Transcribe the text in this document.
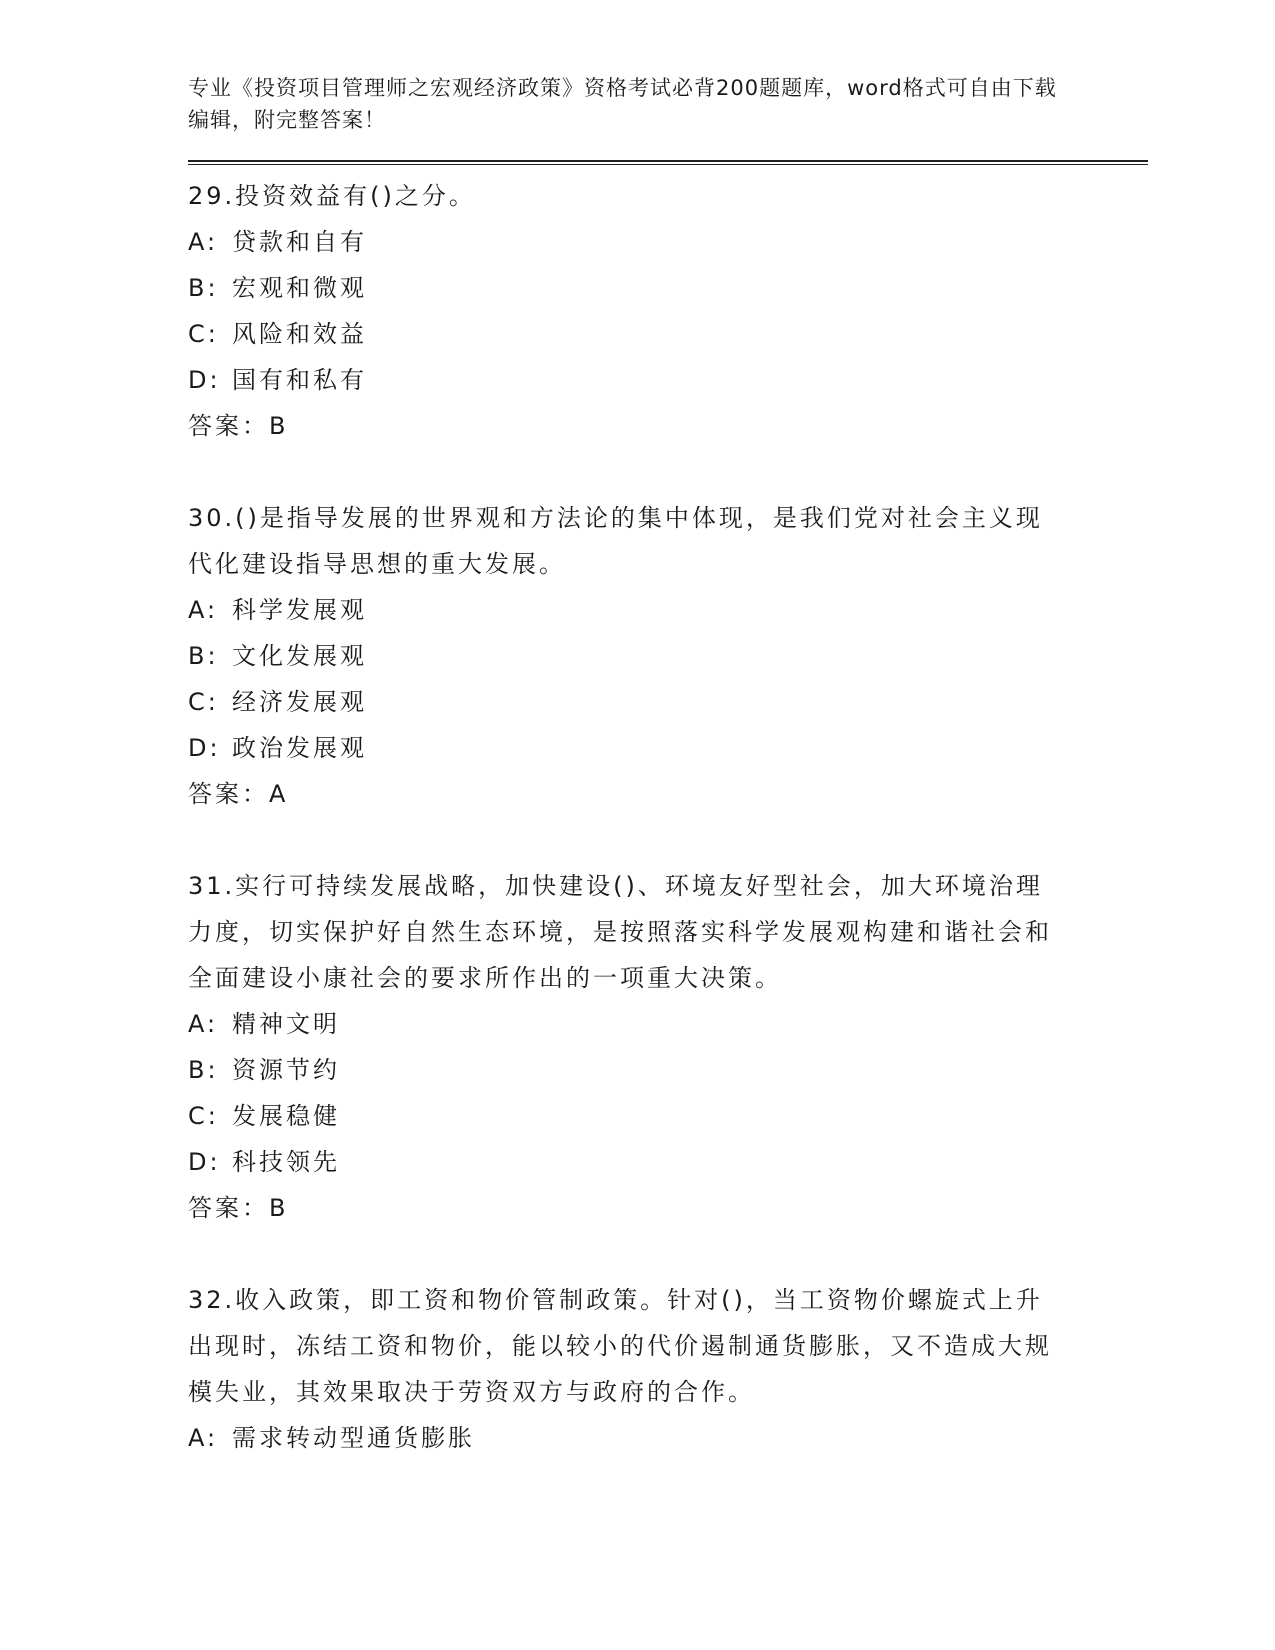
专业《投资项目管理师之宏观经济政策》资格考试必背200题题库，word格式可自由下载编辑，附完整答案！
29.投资效益有()之分。
A: 贷款和自有
B: 宏观和微观
C: 风险和效益
D: 国有和私有
答案：B
30.()是指导发展的世界观和方法论的集中体现，是我们党对社会主义现代化建设指导思想的重大发展。
A: 科学发展观
B: 文化发展观
C: 经济发展观
D: 政治发展观
答案：A
31.实行可持续发展战略，加快建设()、环境友好型社会，加大环境治理力度，切实保护好自然生态环境，是按照落实科学发展观构建和谐社会和全面建设小康社会的要求所作出的一项重大决策。
A: 精神文明
B: 资源节约
C: 发展稳健
D: 科技领先
答案：B
32.收入政策，即工资和物价管制政策。针对()，当工资物价螺旋式上升出现时，冻结工资和物价，能以较小的代价遏制通货膨胀，又不造成大规模失业，其效果取决于劳资双方与政府的合作。
A: 需求转动型通货膨胀
